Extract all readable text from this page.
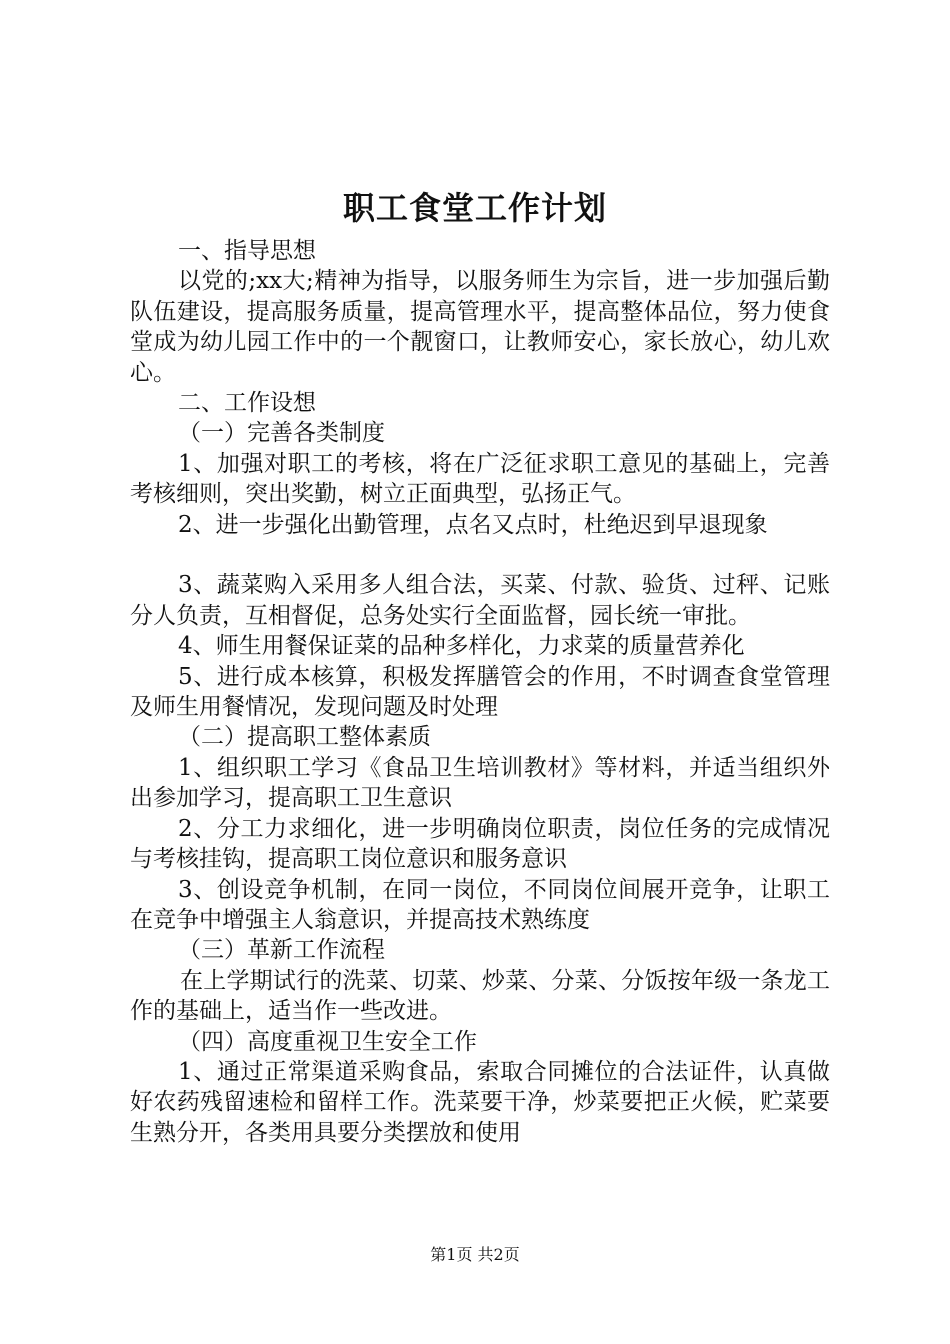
职工食堂工作计划

一、指导思想

以党的;xx大;精神为指导，以服务师生为宗旨，进一步加强后勤队伍建设，提高服务质量，提高管理水平，提高整体品位，努力使食堂成为幼儿园工作中的一个靓窗口，让教师安心，家长放心，幼儿欢心。

二、工作设想

（一）完善各类制度

1、加强对职工的考核，将在广泛征求职工意见的基础上，完善考核细则，突出奖勤，树立正面典型，弘扬正气。

2、进一步强化出勤管理，点名又点时，杜绝迟到早退现象

3、蔬菜购入采用多人组合法，买菜、付款、验货、过秤、记账分人负责，互相督促，总务处实行全面监督，园长统一审批。

4、师生用餐保证菜的品种多样化，力求菜的质量营养化

5、进行成本核算，积极发挥膳管会的作用，不时调查食堂管理及师生用餐情况，发现问题及时处理

（二）提高职工整体素质

1、组织职工学习《食品卫生培训教材》等材料，并适当组织外出参加学习，提高职工卫生意识

2、分工力求细化，进一步明确岗位职责，岗位任务的完成情况与考核挂钩，提高职工岗位意识和服务意识

3、创设竞争机制，在同一岗位，不同岗位间展开竞争，让职工在竞争中增强主人翁意识，并提高技术熟练度

（三）革新工作流程

在上学期试行的洗菜、切菜、炒菜、分菜、分饭按年级一条龙工作的基础上，适当作一些改进。

（四）高度重视卫生安全工作

1、通过正常渠道采购食品，索取合同摊位的合法证件，认真做好农药残留速检和留样工作。洗菜要干净，炒菜要把正火候，贮菜要生熟分开，各类用具要分类摆放和使用

第1页 共2页
